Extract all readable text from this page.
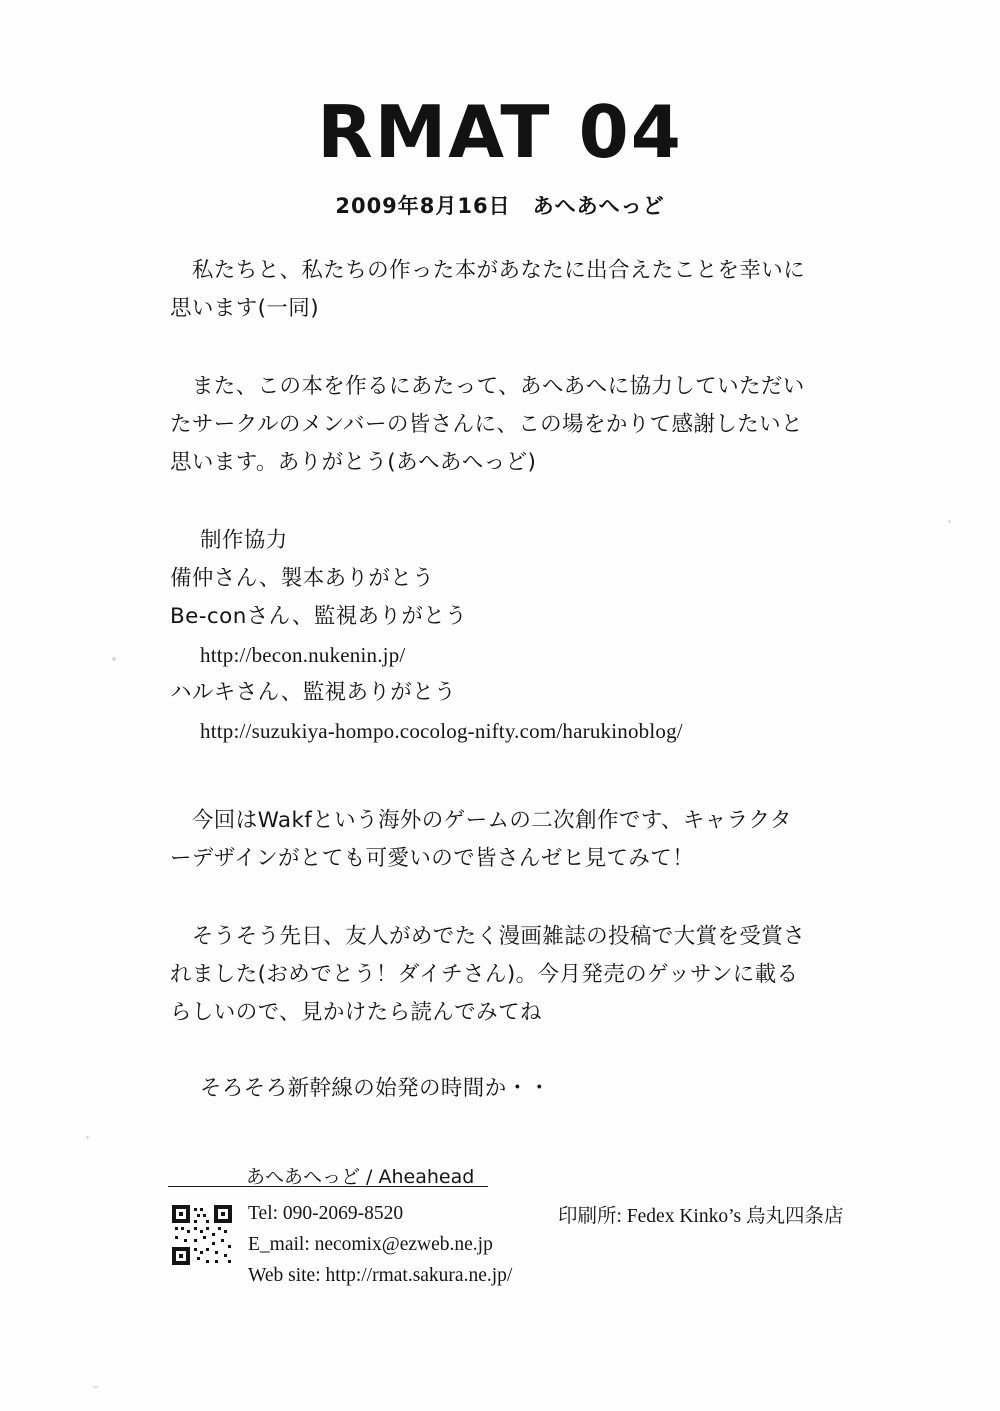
RMAT 04
2009年8月16日　あへあへっど
　私たちと、私たちの作った本があなたに出合えたことを幸いに
思います(一同)
　また、この本を作るにあたって、あへあへに協力していただい
たサークルのメンバーの皆さんに、この場をかりて感謝したいと
思います。ありがとう(あへあへっど)
制作協力
備仲さん、製本ありがとう
Be-conさん、監視ありがとう
http://becon.nukenin.jp/
ハルキさん、監視ありがとう
http://suzukiya-hompo.cocolog-nifty.com/harukinoblog/
　今回はWakfという海外のゲームの二次創作です、キャラクタ
ーデザインがとても可愛いので皆さんゼヒ見てみて！
　そうそう先日、友人がめでたく漫画雑誌の投稿で大賞を受賞さ
れました(おめでとう！ダイチさん)。今月発売のゲッサンに載る
らしいので、見かけたら読んでみてね
そろそろ新幹線の始発の時間か・・
あへあへっど / Aheahead
Tel: 090-2069-8520
E_mail: necomix@ezweb.ne.jp
Web site: http://rmat.sakura.ne.jp/
印刷所: Fedex Kinko’s 烏丸四条店
